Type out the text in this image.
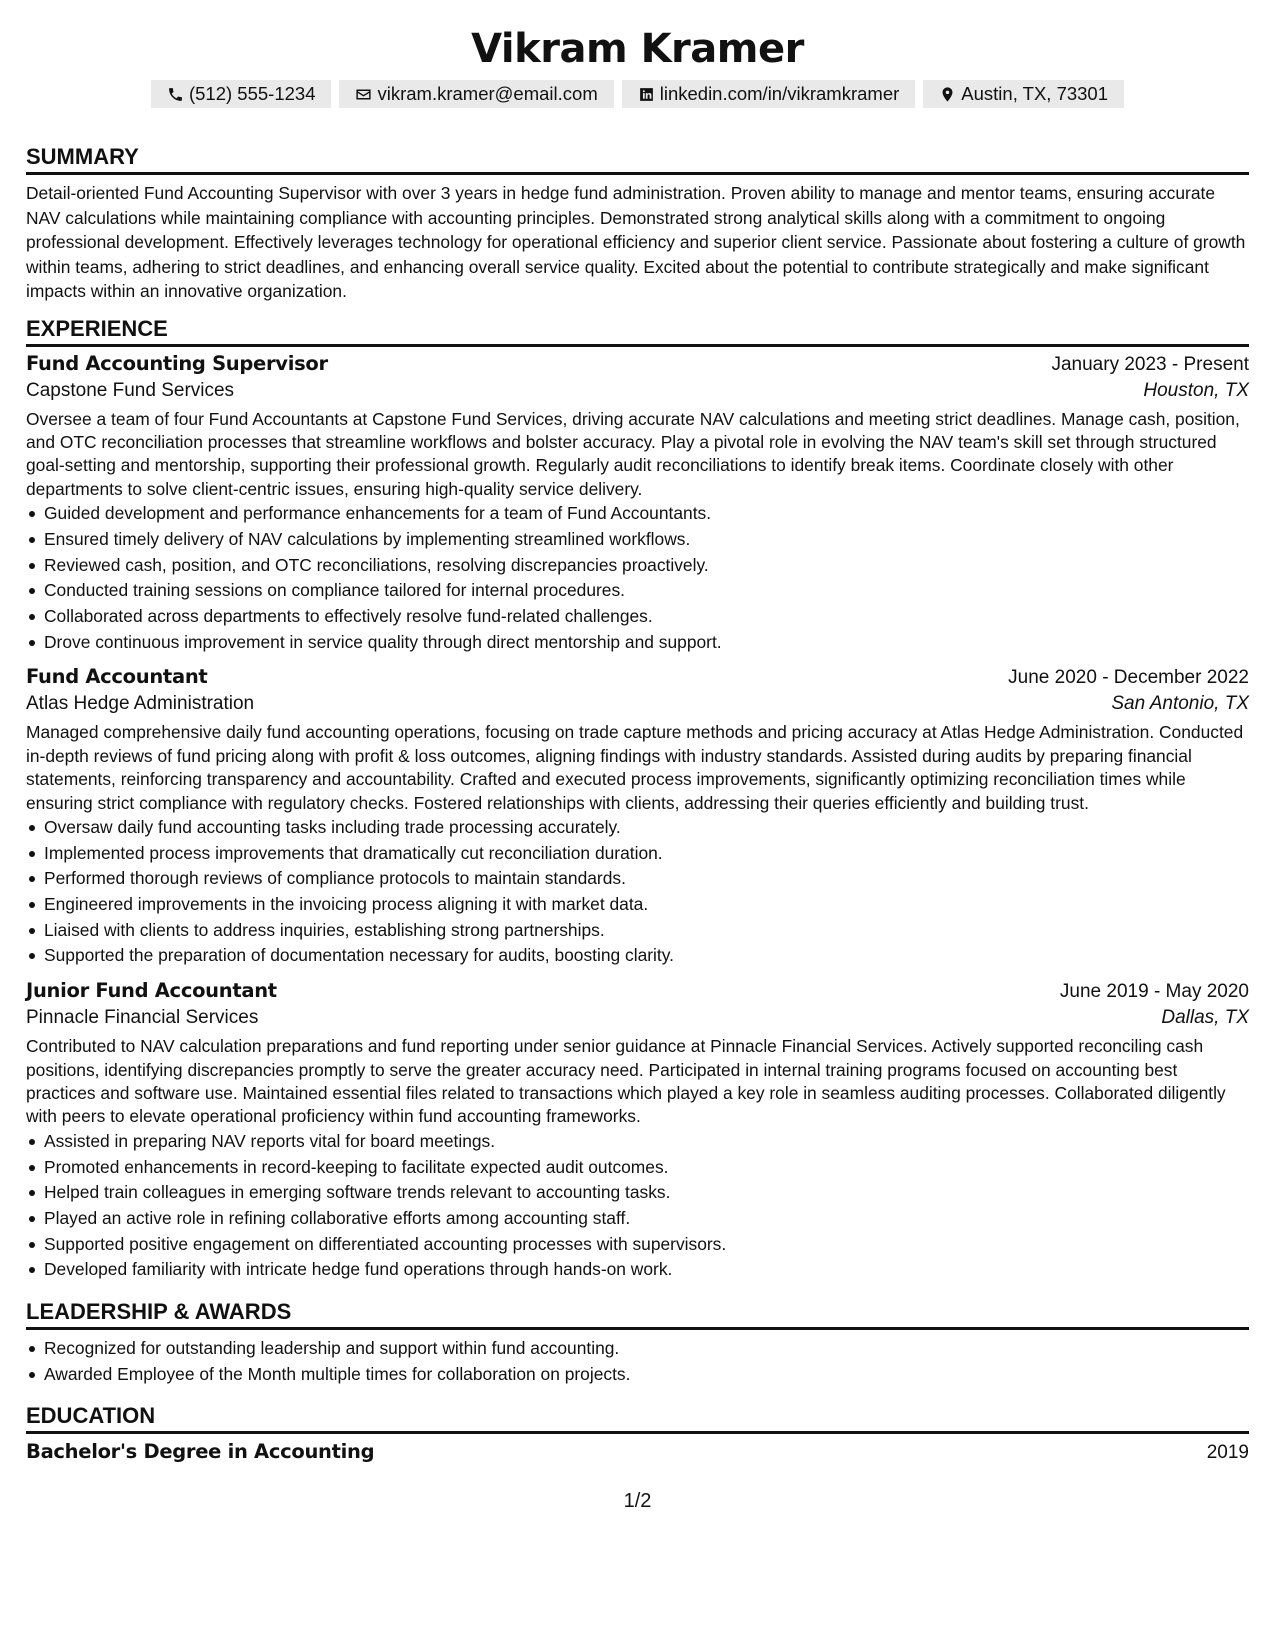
Vikram Kramer
(512) 555-1234	vikram.kramer@email.com	linkedin.com/in/vikramkramer	Austin, TX, 73301
SUMMARY
Detail-oriented Fund Accounting Supervisor with over 3 years in hedge fund administration. Proven ability to manage and mentor teams, ensuring accurate NAV calculations while maintaining compliance with accounting principles. Demonstrated strong analytical skills along with a commitment to ongoing professional development. Effectively leverages technology for operational efficiency and superior client service. Passionate about fostering a culture of growth within teams, adhering to strict deadlines, and enhancing overall service quality. Excited about the potential to contribute strategically and make significant impacts within an innovative organization.
EXPERIENCE
Fund Accounting Supervisor	January 2023 - Present
Capstone Fund Services	Houston, TX
Oversee a team of four Fund Accountants at Capstone Fund Services, driving accurate NAV calculations and meeting strict deadlines. Manage cash, position, and OTC reconciliation processes that streamline workflows and bolster accuracy. Play a pivotal role in evolving the NAV team's skill set through structured goal-setting and mentorship, supporting their professional growth. Regularly audit reconciliations to identify break items. Coordinate closely with other departments to solve client-centric issues, ensuring high-quality service delivery.
Guided development and performance enhancements for a team of Fund Accountants.
Ensured timely delivery of NAV calculations by implementing streamlined workflows.
Reviewed cash, position, and OTC reconciliations, resolving discrepancies proactively.
Conducted training sessions on compliance tailored for internal procedures.
Collaborated across departments to effectively resolve fund-related challenges.
Drove continuous improvement in service quality through direct mentorship and support.
Fund Accountant	June 2020 - December 2022
Atlas Hedge Administration	San Antonio, TX
Managed comprehensive daily fund accounting operations, focusing on trade capture methods and pricing accuracy at Atlas Hedge Administration. Conducted in-depth reviews of fund pricing along with profit & loss outcomes, aligning findings with industry standards. Assisted during audits by preparing financial statements, reinforcing transparency and accountability. Crafted and executed process improvements, significantly optimizing reconciliation times while ensuring strict compliance with regulatory checks. Fostered relationships with clients, addressing their queries efficiently and building trust.
Oversaw daily fund accounting tasks including trade processing accurately.
Implemented process improvements that dramatically cut reconciliation duration.
Performed thorough reviews of compliance protocols to maintain standards.
Engineered improvements in the invoicing process aligning it with market data.
Liaised with clients to address inquiries, establishing strong partnerships.
Supported the preparation of documentation necessary for audits, boosting clarity.
Junior Fund Accountant	June 2019 - May 2020
Pinnacle Financial Services	Dallas, TX
Contributed to NAV calculation preparations and fund reporting under senior guidance at Pinnacle Financial Services. Actively supported reconciling cash positions, identifying discrepancies promptly to serve the greater accuracy need. Participated in internal training programs focused on accounting best practices and software use. Maintained essential files related to transactions which played a key role in seamless auditing processes. Collaborated diligently with peers to elevate operational proficiency within fund accounting frameworks.
Assisted in preparing NAV reports vital for board meetings.
Promoted enhancements in record-keeping to facilitate expected audit outcomes.
Helped train colleagues in emerging software trends relevant to accounting tasks.
Played an active role in refining collaborative efforts among accounting staff.
Supported positive engagement on differentiated accounting processes with supervisors.
Developed familiarity with intricate hedge fund operations through hands-on work.
LEADERSHIP & AWARDS
Recognized for outstanding leadership and support within fund accounting.
Awarded Employee of the Month multiple times for collaboration on projects.
EDUCATION
Bachelor's Degree in Accounting	2019
1/2
